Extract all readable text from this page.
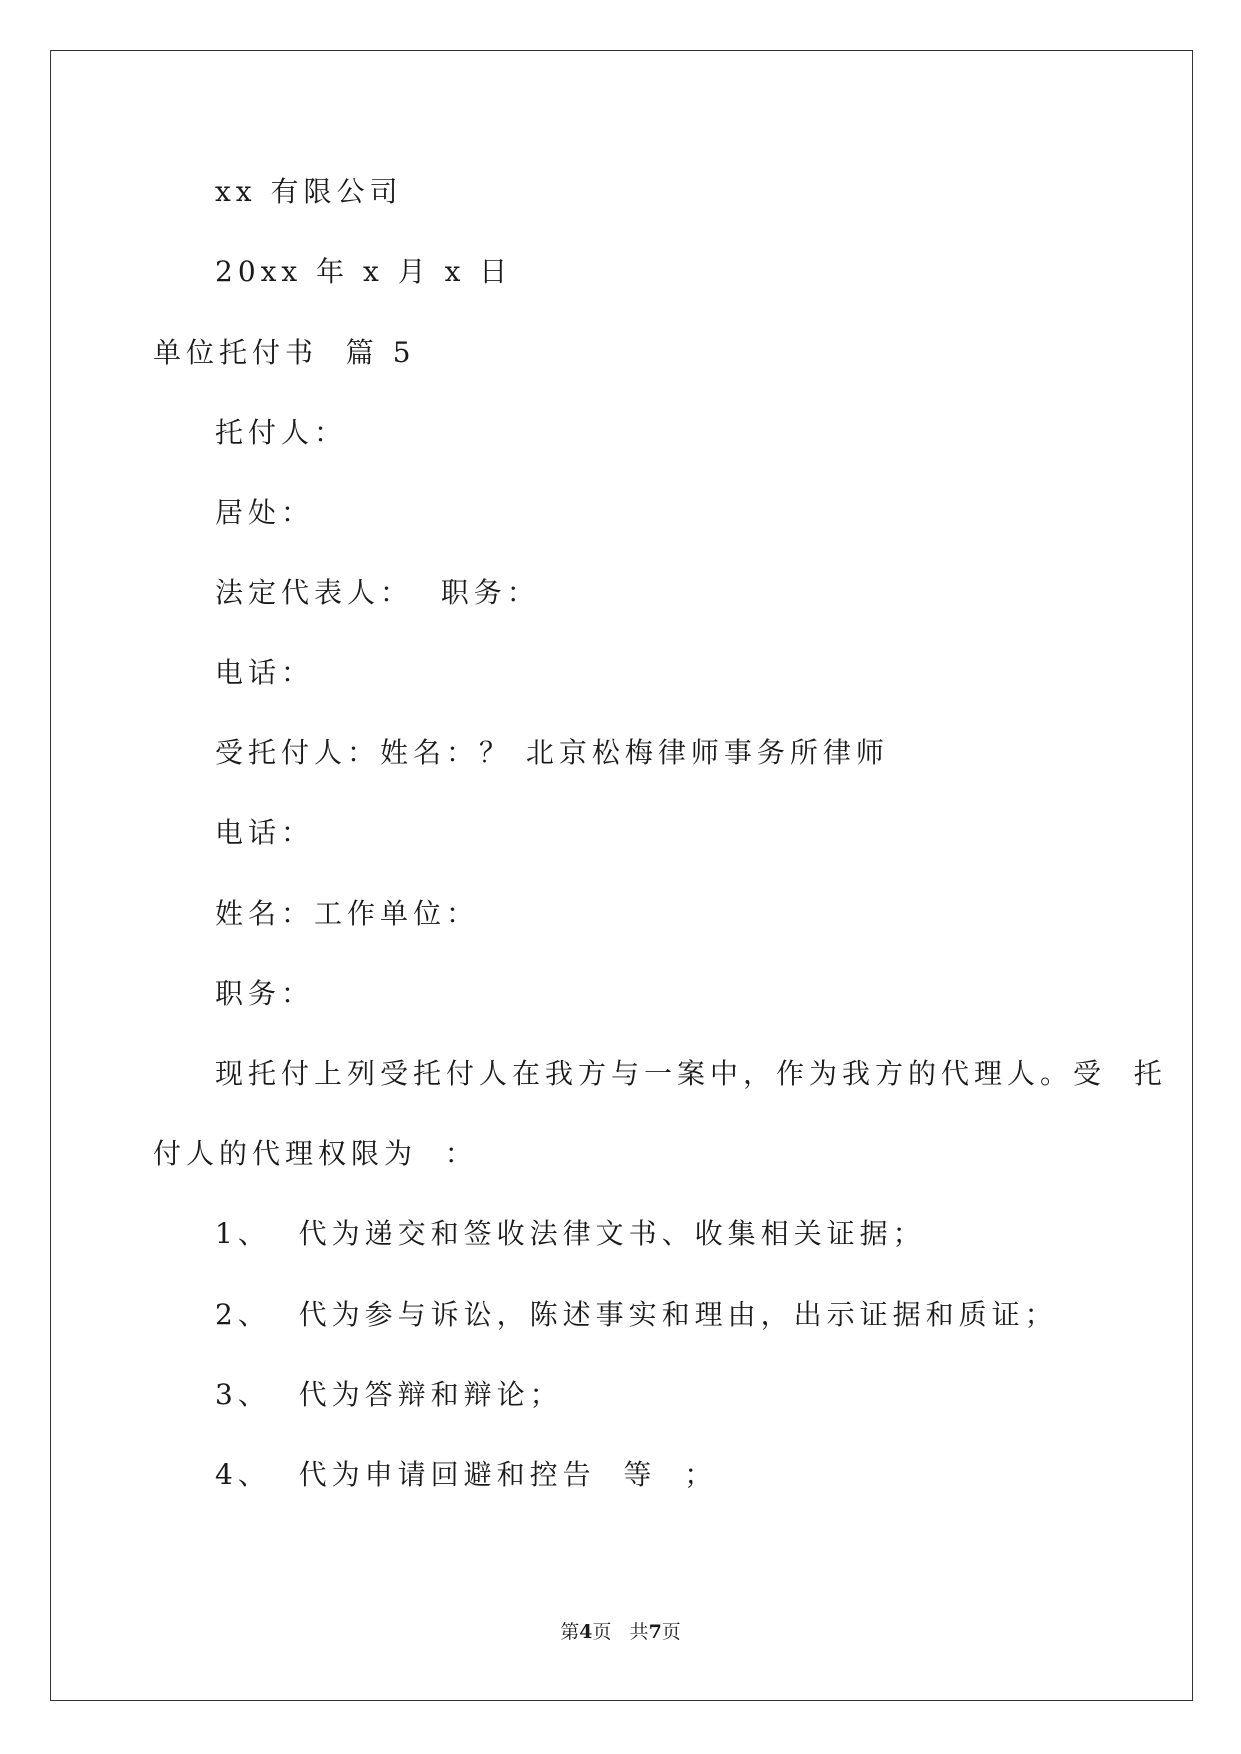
xx 有限公司
20xx 年 x 月 x 日
单位托付书  篇 5
托付人：
居处：
法定代表人：  职务：
电话：
受托付人：姓名：？ 北京松梅律师事务所律师
电话：
姓名：工作单位：
职务：
现托付上列受托付人在我方与一案中，作为我方的代理人。受  托
付人的代理权限为  ：
1、  代为递交和签收法律文书、收集相关证据；
2、  代为参与诉讼，陈述事实和理由，出示证据和质证；
3、  代为答辩和辩论；
4、  代为申请回避和控告  等  ；
第4页   共7页
